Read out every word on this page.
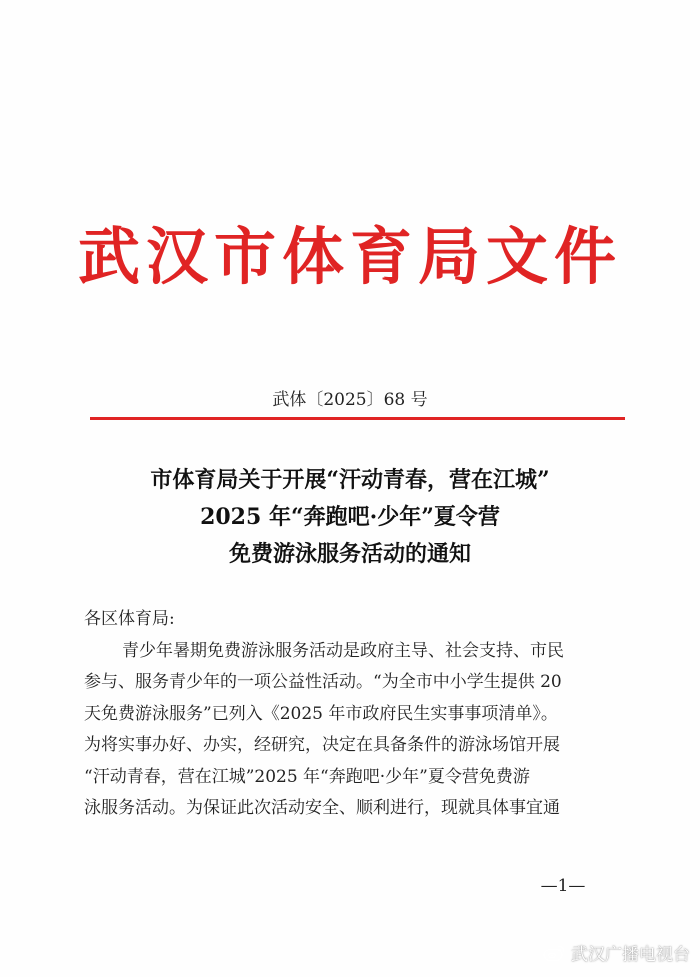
武汉市体育局文件
武体〔2025〕68 号
市体育局关于开展“汗动青春，营在江城”
2025 年“奔跑吧·少年”夏令营
免费游泳服务活动的通知
各区体育局:
青少年暑期免费游泳服务活动是政府主导、社会支持、市民
参与、服务青少年的一项公益性活动。“为全市中小学生提供 20
天免费游泳服务”已列入《2025 年市政府民生实事事项清单》。
为将实事办好、办实，经研究，决定在具备条件的游泳场馆开展
“汗动青春，营在江城”2025 年“奔跑吧·少年”夏令营免费游
泳服务活动。为保证此次活动安全、顺利进行，现就具体事宜通
—1—
武汉广播电视台
